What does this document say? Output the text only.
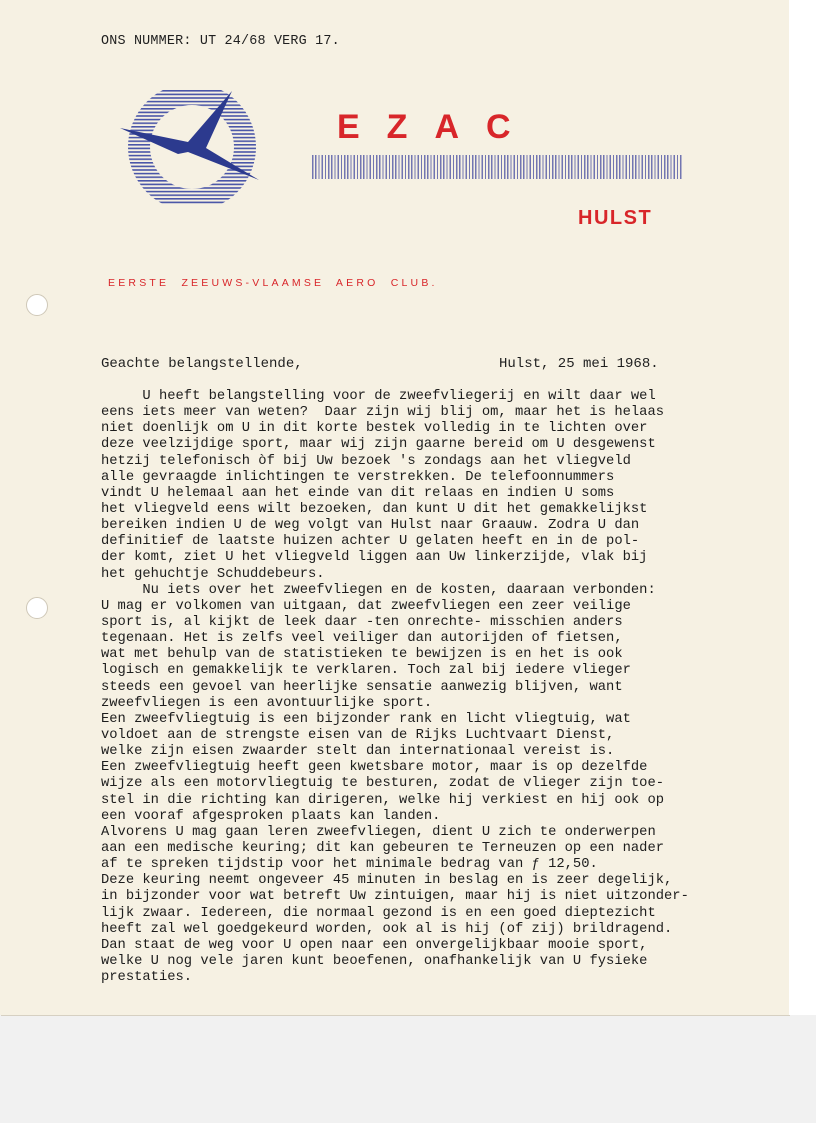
ONS NUMMER: UT 24/68 VERG 17.
EZAC
HULST
EERSTE  ZEEUWS-VLAAMSE  AERO  CLUB.
Geachte belangstellende,	Hulst, 25 mei 1968.
U heeft belangstelling voor de zweefvliegerij en wilt daar wel
eens iets meer van weten?  Daar zijn wij blij om, maar het is helaas
niet doenlijk om U in dit korte bestek volledig in te lichten over
deze veelzijdige sport, maar wij zijn gaarne bereid om U desgewenst
hetzij telefonisch òf bij Uw bezoek 's zondags aan het vliegveld
alle gevraagde inlichtingen te verstrekken. De telefoonnummers
vindt U helemaal aan het einde van dit relaas en indien U soms
het vliegveld eens wilt bezoeken, dan kunt U dit het gemakkelijkst
bereiken indien U de weg volgt van Hulst naar Graauw. Zodra U dan
definitief de laatste huizen achter U gelaten heeft en in de pol-
der komt, ziet U het vliegveld liggen aan Uw linkerzijde, vlak bij
het gehuchtje Schuddebeurs.
Nu iets over het zweefvliegen en de kosten, daaraan verbonden:
U mag er volkomen van uitgaan, dat zweefvliegen een zeer veilige
sport is, al kijkt de leek daar -ten onrechte- misschien anders
tegenaan. Het is zelfs veel veiliger dan autorijden of fietsen,
wat met behulp van de statistieken te bewijzen is en het is ook
logisch en gemakkelijk te verklaren. Toch zal bij iedere vlieger
steeds een gevoel van heerlijke sensatie aanwezig blijven, want
zweefvliegen is een avontuurlijke sport.
Een zweefvliegtuig is een bijzonder rank en licht vliegtuig, wat
voldoet aan de strengste eisen van de Rijks Luchtvaart Dienst,
welke zijn eisen zwaarder stelt dan internationaal vereist is.
Een zweefvliegtuig heeft geen kwetsbare motor, maar is op dezelfde
wijze als een motorvliegtuig te besturen, zodat de vlieger zijn toe-
stel in die richting kan dirigeren, welke hij verkiest en hij ook op
een vooraf afgesproken plaats kan landen.
Alvorens U mag gaan leren zweefvliegen, dient U zich te onderwerpen
aan een medische keuring; dit kan gebeuren te Terneuzen op een nader
af te spreken tijdstip voor het minimale bedrag van ƒ 12,50.
Deze keuring neemt ongeveer 45 minuten in beslag en is zeer degelijk,
in bijzonder voor wat betreft Uw zintuigen, maar hij is niet uitzonder-
lijk zwaar. Iedereen, die normaal gezond is en een goed dieptezicht
heeft zal wel goedgekeurd worden, ook al is hij (of zij) brildragend.
Dan staat de weg voor U open naar een onvergelijkbaar mooie sport,
welke U nog vele jaren kunt beoefenen, onafhankelijk van U fysieke
prestaties.
